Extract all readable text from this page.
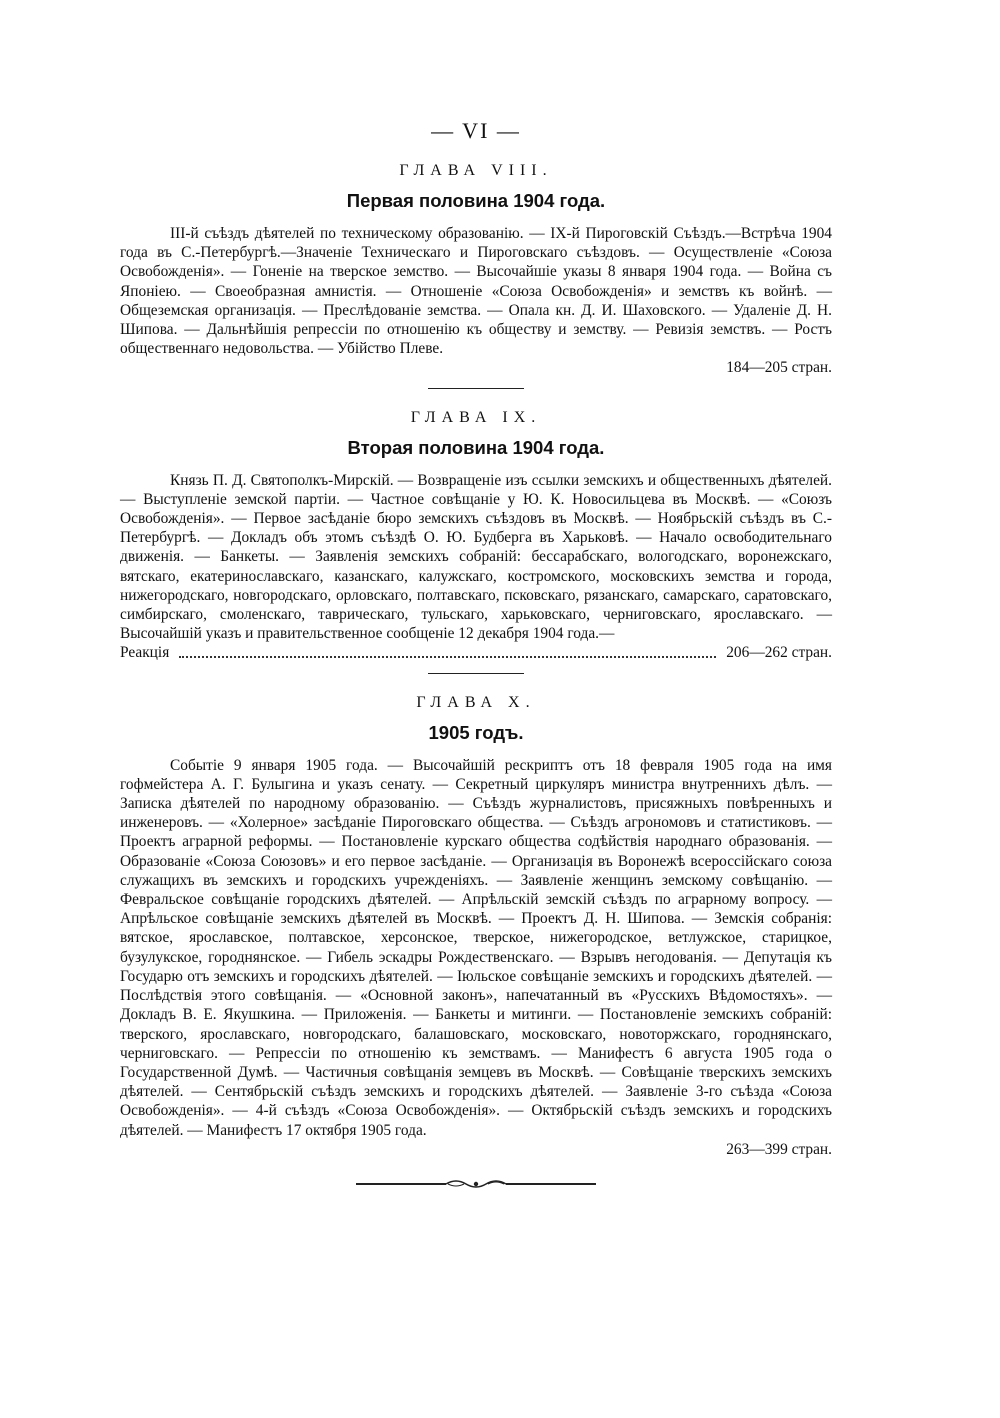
— VI —
ГЛАВА VIII.
Первая половина 1904 года.

III-й съѣздъ дѣятелей по техническому образованію. — IX-й Пироговскій Съѣздъ.—Встрѣча 1904 года въ С.-Петербургѣ.—Значеніе Техническаго и Пироговскаго съѣздовъ. — Осуществленіе «Союза Освобожденія». — Гоненіе на тверское земство. — Высочайшіе указы 8 января 1904 года. — Война съ Японіею. — Своеобразная амнистія. — Отношеніе «Союза Освобожденія» и земствъ къ войнѣ. — Общеземская организація. — Преслѣдованіе земства. — Опала кн. Д. И. Шаховского. — Удаленіе Д. Н. Шипова. — Дальнѣйшія репрессіи по отношенію къ обществу и земству. — Ревизія земствъ. — Ростъ общественнаго недовольства. — Убійство Плеве.

184—205 стран.
ГЛАВА IX.
Вторая половина 1904 года.

Князь П. Д. Святополкъ-Мирскій. — Возвращеніе изъ ссылки земскихъ и общественныхъ дѣятелей. — Выступленіе земской партіи. — Частное совѣщаніе у Ю. К. Новосильцева въ Москвѣ. — «Союзъ Освобожденія». — Первое засѣданіе бюро земскихъ съѣздовъ въ Москвѣ. — Ноябрьскій съѣздъ въ С.-Петербургѣ. — Докладъ объ этомъ съѣздѣ О. Ю. Будберга въ Харьковѣ. — Начало освободительнаго движенія. — Банкеты. — Заявленія земскихъ собраній: бессарабскаго, вологодскаго, воронежскаго, вятскаго, екатеринославскаго, казанскаго, калужскаго, костромского, московскихъ земства и города, нижегородскаго, новгородскаго, орловскаго, полтавскаго, псковскаго, рязанскаго, самарскаго, саратовскаго, симбирскаго, смоленскаго, таврическаго, тульскаго, харьковскаго, черниговскаго, ярославскаго. — Высочайшій указъ и правительственное сообщеніе 12 декабря 1904 года.—

Реакція	206—262 стран.
ГЛАВА X.
1905 годъ.

Событіе 9 января 1905 года. — Высочайшій рескриптъ отъ 18 февраля 1905 года на имя гофмейстера А. Г. Булыгина и указъ сенату. — Секретный циркуляръ министра внутреннихъ дѣлъ. — Записка дѣятелей по народному образованію. — Съѣздъ журналистовъ, присяжныхъ повѣренныхъ и инженеровъ. — «Холерное» засѣданіе Пироговскаго общества. — Съѣздъ агрономовъ и статистиковъ. — Проектъ аграрной реформы. — Постановленіе курскаго общества содѣйствія народнаго образованія. — Образованіе «Союза Союзовъ» и его первое засѣданіе. — Организація въ Воронежѣ всероссійскаго союза служащихъ въ земскихъ и городскихъ учрежденіяхъ. — Заявленіе женщинъ земскому совѣщанію. — Февральское совѣщаніе городскихъ дѣятелей. — Апрѣльскій земскій съѣздъ по аграрному вопросу. — Апрѣльское совѣщаніе земскихъ дѣятелей въ Москвѣ. — Проектъ Д. Н. Шипова. — Земскія собранія: вятское, ярославское, полтавское, херсонское, тверское, нижегородское, ветлужское, старицкое, бузулукское, городнянское. — Гибель эскадры Рождественскаго. — Взрывъ негодованія. — Депутація къ Государю отъ земскихъ и городскихъ дѣятелей. — Іюльское совѣщаніе земскихъ и городскихъ дѣятелей. — Послѣдствія этого совѣщанія. — «Основной законъ», напечатанный въ «Русскихъ Вѣдомостяхъ». — Докладъ В. Е. Якушкина. — Приложенія. — Банкеты и митинги. — Постановленіе земскихъ собраній: тверского, ярославскаго, новгородскаго, балашовскаго, московскаго, новоторжскаго, городнянскаго, черниговскаго. — Репрессіи по отношенію къ земствамъ. — Манифестъ 6 августа 1905 года о Государственной Думѣ. — Частичныя совѣщанія земцевъ въ Москвѣ. — Совѣщаніе тверскихъ земскихъ дѣятелей. — Сентябрьскій съѣздъ земскихъ и городскихъ дѣятелей. — Заявленіе 3-го съѣзда «Союза Освобожденія». — 4-й съѣздъ «Союза Освобожденія». — Октябрьскій съѣздъ земскихъ и городскихъ дѣятелей. — Манифестъ 17 октября 1905 года.

263—399 стран.
